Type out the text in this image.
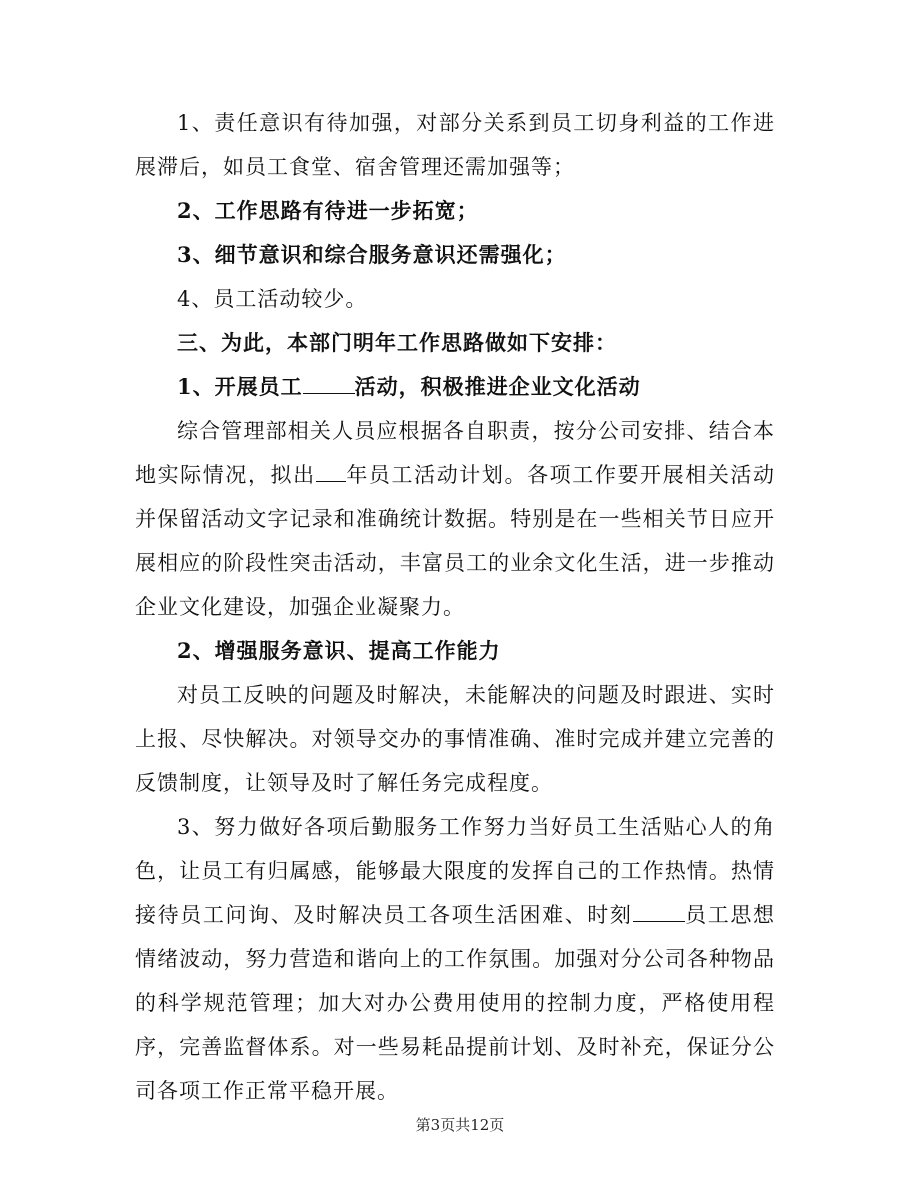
1、责任意识有待加强，对部分关系到员工切身利益的工作进展滞后，如员工食堂、宿舍管理还需加强等；

2、工作思路有待进一步拓宽；

3、细节意识和综合服务意识还需强化；

4、员工活动较少。

三、为此，本部门明年工作思路做如下安排：

1、开展员工 活动，积极推进企业文化活动

综合管理部相关人员应根据各自职责，按分公司安排、结合本地实际情况，拟出 年员工活动计划。各项工作要开展相关活动并保留活动文字记录和准确统计数据。特别是在一些相关节日应开展相应的阶段性突击活动，丰富员工的业余文化生活，进一步推动企业文化建设，加强企业凝聚力。

2、增强服务意识、提高工作能力

对员工反映的问题及时解决，未能解决的问题及时跟进、实时上报、尽快解决。对领导交办的事情准确、准时完成并建立完善的反馈制度，让领导及时了解任务完成程度。

3、努力做好各项后勤服务工作努力当好员工生活贴心人的角色，让员工有归属感，能够最大限度的发挥自己的工作热情。热情接待员工问询、及时解决员工各项生活困难、时刻 员工思想情绪波动，努力营造和谐向上的工作氛围。加强对分公司各种物品的科学规范管理；加大对办公费用使用的控制力度，严格使用程序，完善监督体系。对一些易耗品提前计划、及时补充，保证分公司各项工作正常平稳开展。

第3页共12页
